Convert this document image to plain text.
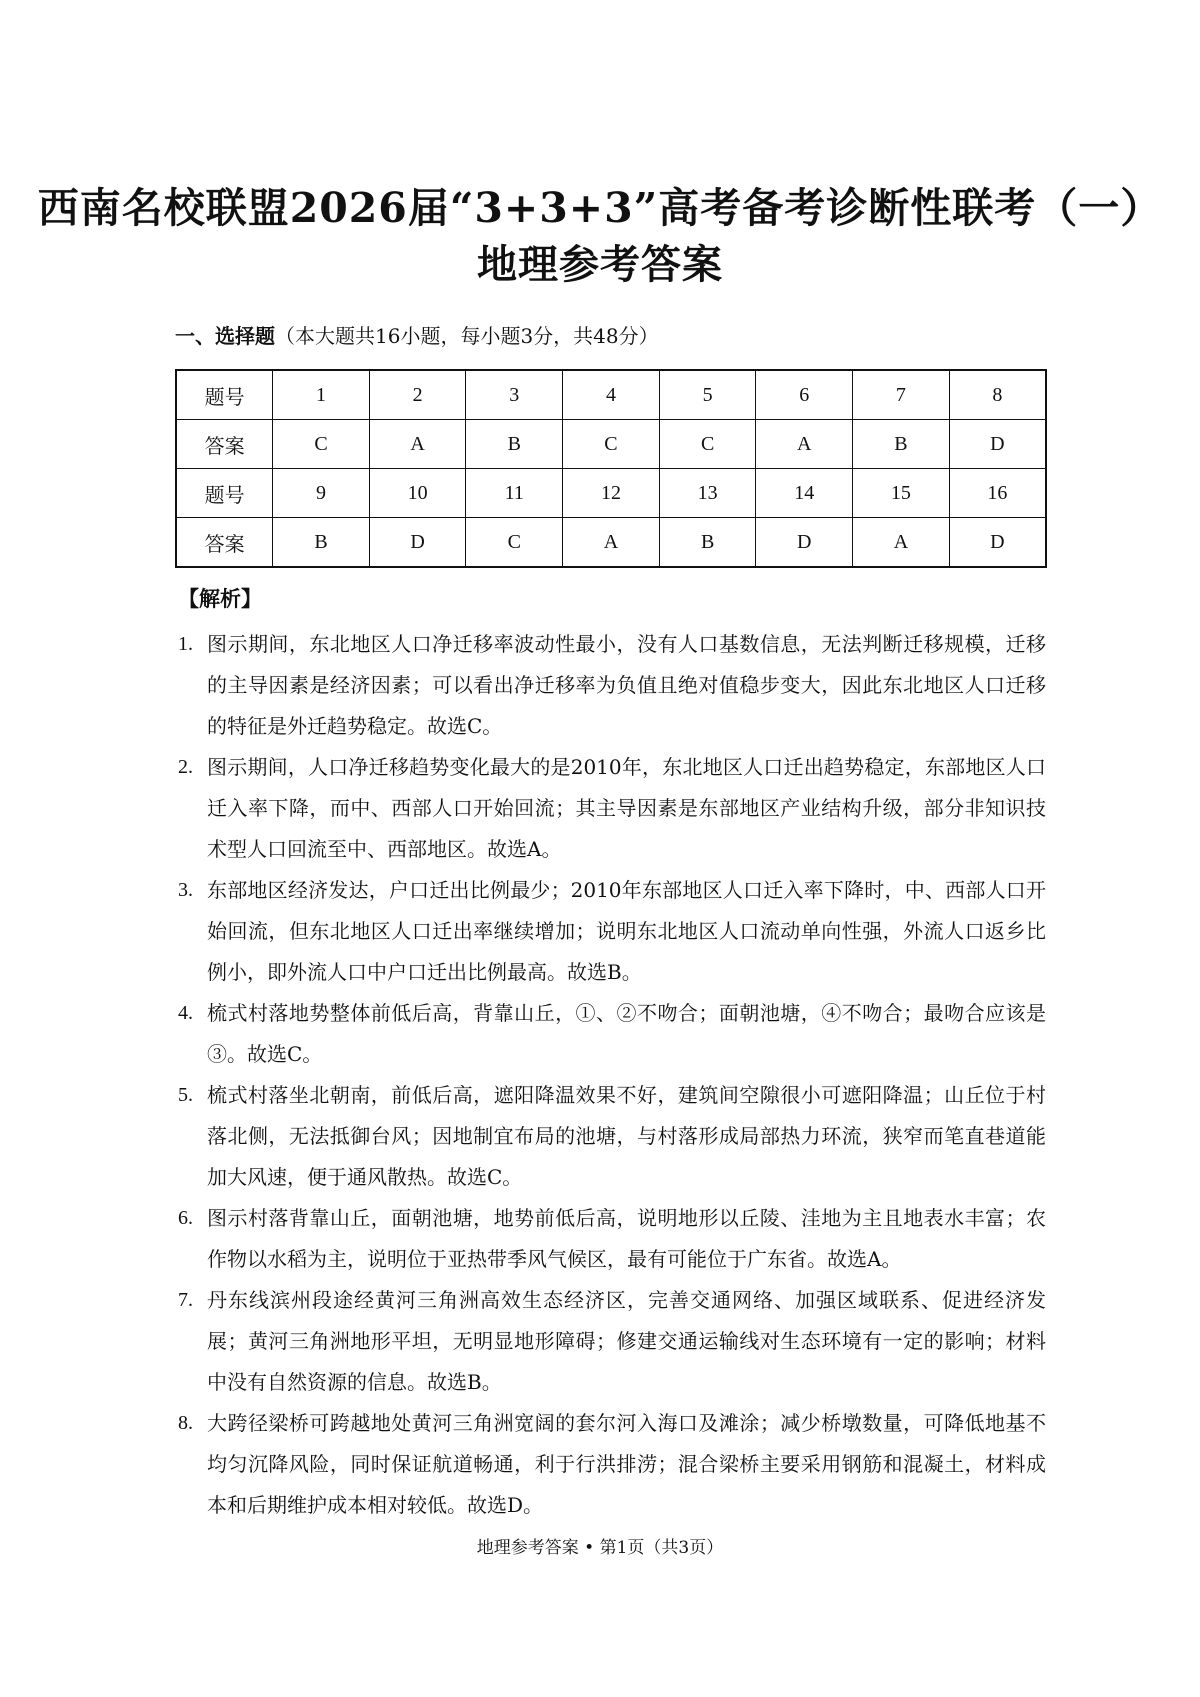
西南名校联盟2026届“3+3+3”高考备考诊断性联考（一）
地理参考答案
一、选择题（本大题共16小题，每小题3分，共48分）
题号	1	2	3	4	5	6	7	8
答案	C	A	B	C	C	A	B	D
题号	9	10	11	12	13	14	15	16
答案	B	D	C	A	B	D	A	D
【解析】
1. 图示期间，东北地区人口净迁移率波动性最小，没有人口基数信息，无法判断迁移规模，迁移的主导因素是经济因素；可以看出净迁移率为负值且绝对值稳步变大，因此东北地区人口迁移的特征是外迁趋势稳定。故选C。
2. 图示期间，人口净迁移趋势变化最大的是2010年，东北地区人口迁出趋势稳定，东部地区人口迁入率下降，而中、西部人口开始回流；其主导因素是东部地区产业结构升级，部分非知识技术型人口回流至中、西部地区。故选A。
3. 东部地区经济发达，户口迁出比例最少；2010年东部地区人口迁入率下降时，中、西部人口开始回流，但东北地区人口迁出率继续增加；说明东北地区人口流动单向性强，外流人口返乡比例小，即外流人口中户口迁出比例最高。故选B。
4. 梳式村落地势整体前低后高，背靠山丘，①、②不吻合；面朝池塘，④不吻合；最吻合应该是③。故选C。
5. 梳式村落坐北朝南，前低后高，遮阳降温效果不好，建筑间空隙很小可遮阳降温；山丘位于村落北侧，无法抵御台风；因地制宜布局的池塘，与村落形成局部热力环流，狭窄而笔直巷道能加大风速，便于通风散热。故选C。
6. 图示村落背靠山丘，面朝池塘，地势前低后高，说明地形以丘陵、洼地为主且地表水丰富；农作物以水稻为主，说明位于亚热带季风气候区，最有可能位于广东省。故选A。
7. 丹东线滨州段途经黄河三角洲高效生态经济区，完善交通网络、加强区域联系、促进经济发展；黄河三角洲地形平坦，无明显地形障碍；修建交通运输线对生态环境有一定的影响；材料中没有自然资源的信息。故选B。
8. 大跨径梁桥可跨越地处黄河三角洲宽阔的套尔河入海口及滩涂；减少桥墩数量，可降低地基不均匀沉降风险，同时保证航道畅通，利于行洪排涝；混合梁桥主要采用钢筋和混凝土，材料成本和后期维护成本相对较低。故选D。
地理参考答案 • 第1页（共3页）
